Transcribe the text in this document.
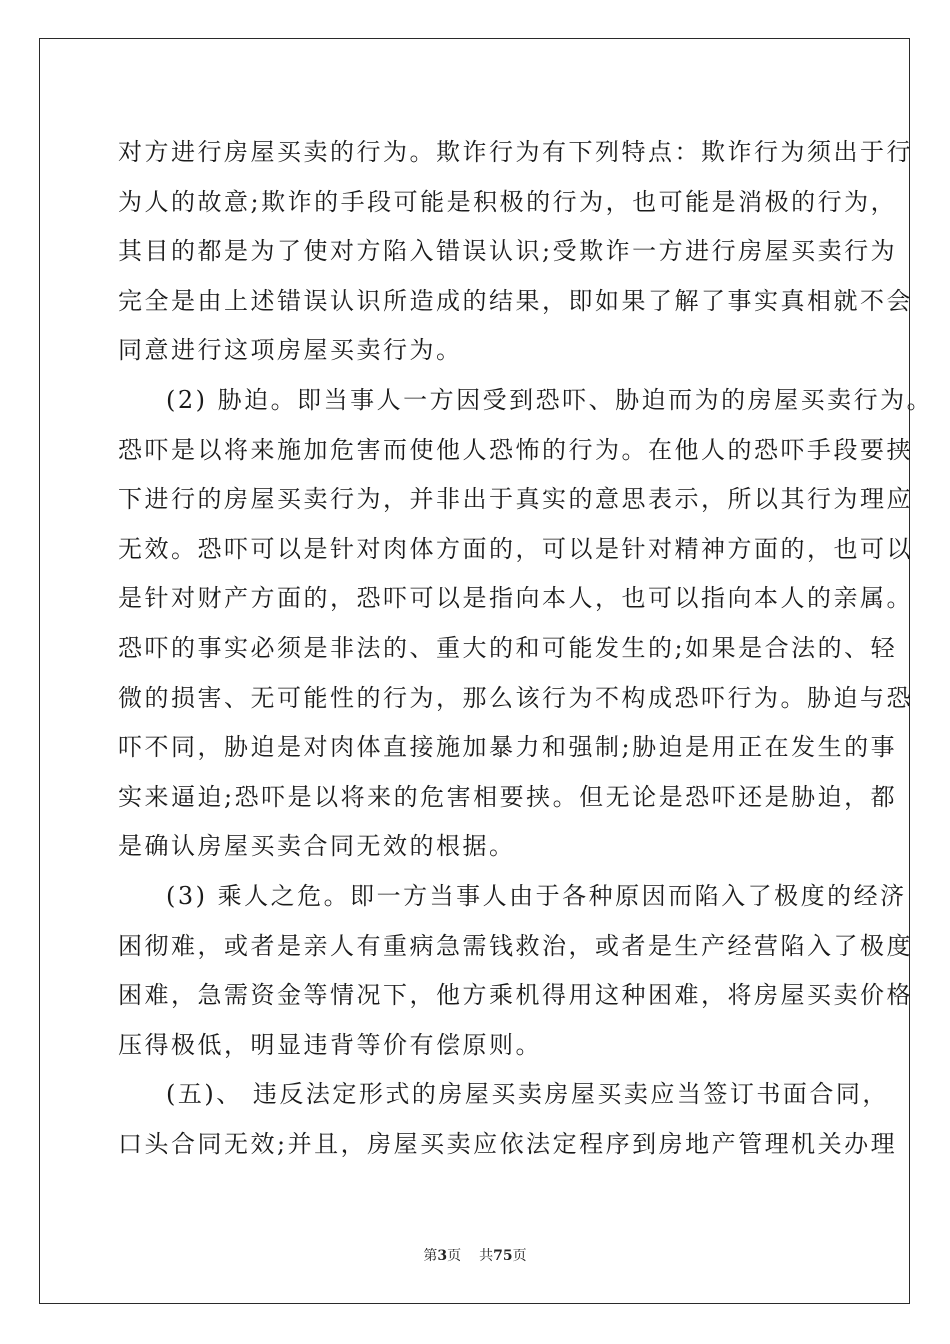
对方进行房屋买卖的行为。欺诈行为有下列特点：欺诈行为须出于行
为人的故意;欺诈的手段可能是积极的行为，也可能是消极的行为，
其目的都是为了使对方陷入错误认识;受欺诈一方进行房屋买卖行为
完全是由上述错误认识所造成的结果，即如果了解了事实真相就不会
同意进行这项房屋买卖行为。
(2) 胁迫。即当事人一方因受到恐吓、胁迫而为的房屋买卖行为。
恐吓是以将来施加危害而使他人恐怖的行为。在他人的恐吓手段要挟
下进行的房屋买卖行为，并非出于真实的意思表示，所以其行为理应
无效。恐吓可以是针对肉体方面的，可以是针对精神方面的，也可以
是针对财产方面的，恐吓可以是指向本人，也可以指向本人的亲属。
恐吓的事实必须是非法的、重大的和可能发生的;如果是合法的、轻
微的损害、无可能性的行为，那么该行为不构成恐吓行为。胁迫与恐
吓不同，胁迫是对肉体直接施加暴力和强制;胁迫是用正在发生的事
实来逼迫;恐吓是以将来的危害相要挟。但无论是恐吓还是胁迫，都
是确认房屋买卖合同无效的根据。
(3) 乘人之危。即一方当事人由于各种原因而陷入了极度的经济
困彻难，或者是亲人有重病急需钱救治，或者是生产经营陷入了极度
困难，急需资金等情况下，他方乘机得用这种困难，将房屋买卖价格
压得极低，明显违背等价有偿原则。
(五)、 违反法定形式的房屋买卖房屋买卖应当签订书面合同，
口头合同无效;并且，房屋买卖应依法定程序到房地产管理机关办理
第3页 共75页
